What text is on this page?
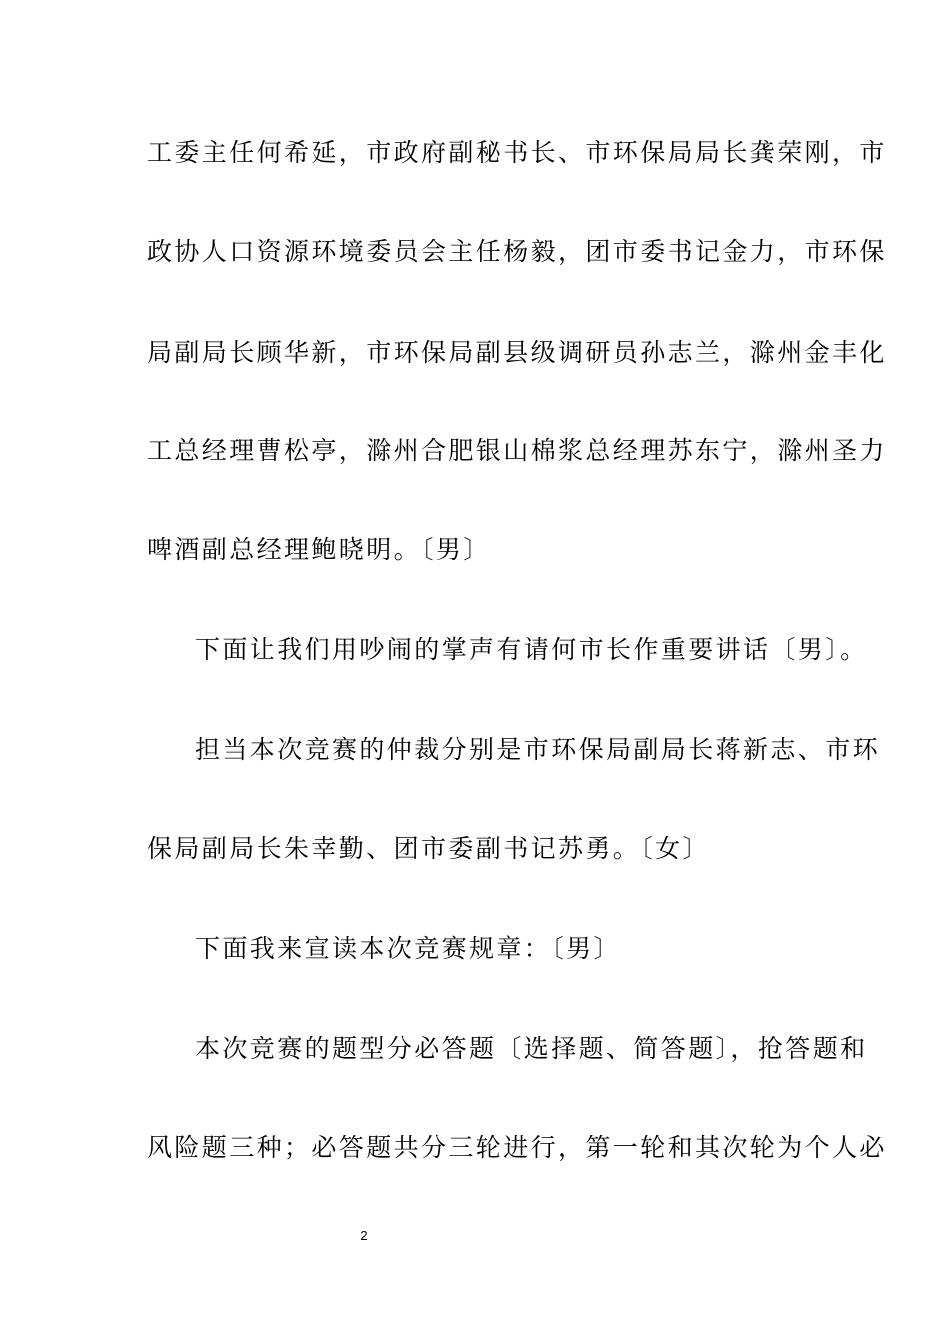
工委主任何希延，市政府副秘书长、市环保局局长龚荣刚，市
政协人口资源环境委员会主任杨毅，团市委书记金力，市环保
局副局长顾华新，市环保局副县级调研员孙志兰，滁州金丰化
工总经理曹松亭，滁州合肥银山棉浆总经理苏东宁，滁州圣力
啤酒副总经理鲍晓明。〔男〕
下面让我们用吵闹的掌声有请何市长作重要讲话〔男〕。
担当本次竞赛的仲裁分别是市环保局副局长蒋新志、市环
保局副局长朱幸勤、团市委副书记苏勇。〔女〕
下面我来宣读本次竞赛规章：〔男〕
本次竞赛的题型分必答题〔选择题、简答题〕，抢答题和
风险题三种；必答题共分三轮进行，第一轮和其次轮为个人必
2
